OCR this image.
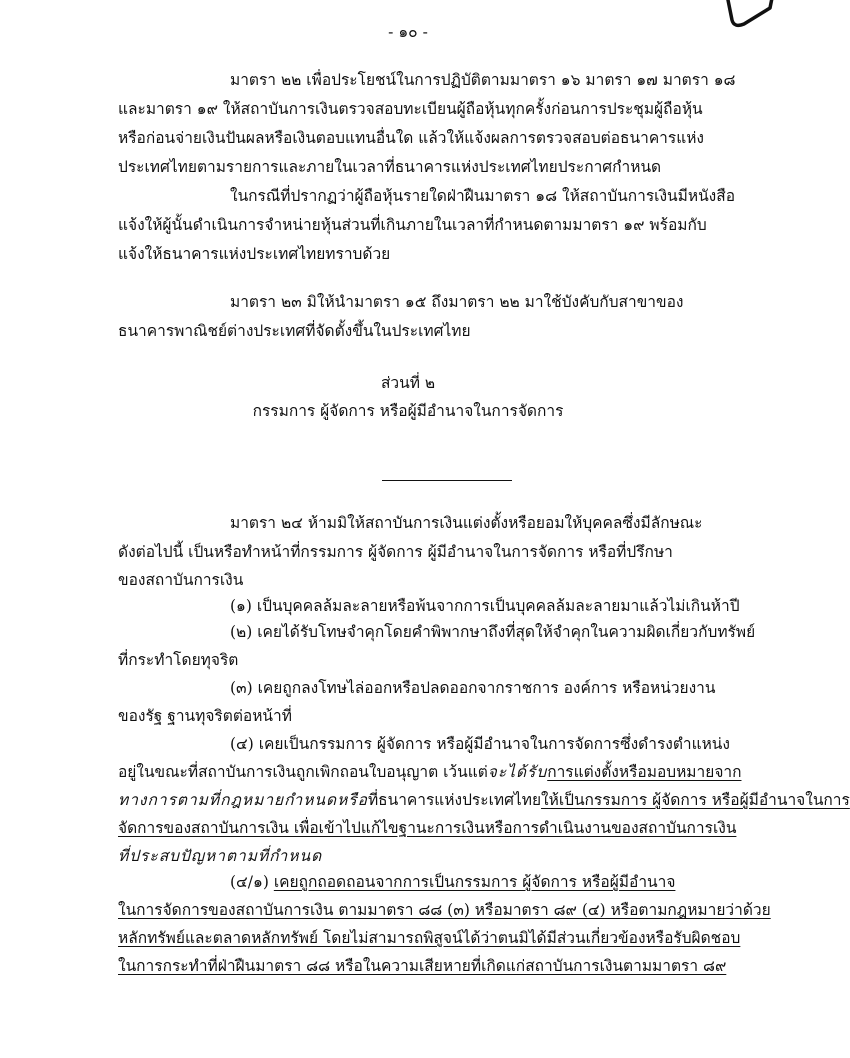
- ๑๐ -
มาตรา ๒๒ เพื่อประโยชน์ในการปฏิบัติตามมาตรา ๑๖ มาตรา ๑๗ มาตรา ๑๘
และมาตรา ๑๙ ให้สถาบันการเงินตรวจสอบทะเบียนผู้ถือหุ้นทุกครั้งก่อนการประชุมผู้ถือหุ้น
หรือก่อนจ่ายเงินปันผลหรือเงินตอบแทนอื่นใด แล้วให้แจ้งผลการตรวจสอบต่อธนาคารแห่ง
ประเทศไทยตามรายการและภายในเวลาที่ธนาคารแห่งประเทศไทยประกาศกำหนด
ในกรณีที่ปรากฏว่าผู้ถือหุ้นรายใดฝ่าฝืนมาตรา ๑๘ ให้สถาบันการเงินมีหนังสือ
แจ้งให้ผู้นั้นดำเนินการจำหน่ายหุ้นส่วนที่เกินภายในเวลาที่กำหนดตามมาตรา ๑๙ พร้อมกับ
แจ้งให้ธนาคารแห่งประเทศไทยทราบด้วย
มาตรา ๒๓ มิให้นำมาตรา ๑๕ ถึงมาตรา ๒๒ มาใช้บังคับกับสาขาของ
ธนาคารพาณิชย์ต่างประเทศที่จัดตั้งขึ้นในประเทศไทย
ส่วนที่ ๒
กรรมการ ผู้จัดการ หรือผู้มีอำนาจในการจัดการ
มาตรา ๒๔ ห้ามมิให้สถาบันการเงินแต่งตั้งหรือยอมให้บุคคลซึ่งมีลักษณะ
ดังต่อไปนี้ เป็นหรือทำหน้าที่กรรมการ ผู้จัดการ ผู้มีอำนาจในการจัดการ หรือที่ปรึกษา
ของสถาบันการเงิน
(๑) เป็นบุคคลล้มละลายหรือพ้นจากการเป็นบุคคลล้มละลายมาแล้วไม่เกินห้าปี
(๒) เคยได้รับโทษจำคุกโดยคำพิพากษาถึงที่สุดให้จำคุกในความผิดเกี่ยวกับทรัพย์
ที่กระทำโดยทุจริต
(๓) เคยถูกลงโทษไล่ออกหรือปลดออกจากราชการ องค์การ หรือหน่วยงาน
ของรัฐ ฐานทุจริตต่อหน้าที่
(๔) เคยเป็นกรรมการ ผู้จัดการ หรือผู้มีอำนาจในการจัดการซึ่งดำรงตำแหน่ง
อยู่ในขณะที่สถาบันการเงินถูกเพิกถอนใบอนุญาต เว้นแต่จะได้รับการแต่งตั้งหรือมอบหมายจาก
ทางการตามที่กฎหมายกำหนดหรือที่ธนาคารแห่งประเทศไทยให้เป็นกรรมการ ผู้จัดการ หรือผู้มีอำนาจในการ
จัดการของสถาบันการเงิน เพื่อเข้าไปแก้ไขฐานะการเงินหรือการดำเนินงานของสถาบันการเงิน
ที่ประสบปัญหาตามที่กำหนด
(๔/๑) เคยถูกถอดถอนจากการเป็นกรรมการ ผู้จัดการ หรือผู้มีอำนาจ
ในการจัดการของสถาบันการเงิน ตามมาตรา ๘๘ (๓) หรือมาตรา ๘๙ (๔) หรือตามกฎหมายว่าด้วย
หลักทรัพย์และตลาดหลักทรัพย์ โดยไม่สามารถพิสูจน์ได้ว่าตนมิได้มีส่วนเกี่ยวข้องหรือรับผิดชอบ
ในการกระทำที่ฝ่าฝืนมาตรา ๘๘ หรือในความเสียหายที่เกิดแก่สถาบันการเงินตามมาตรา ๘๙
